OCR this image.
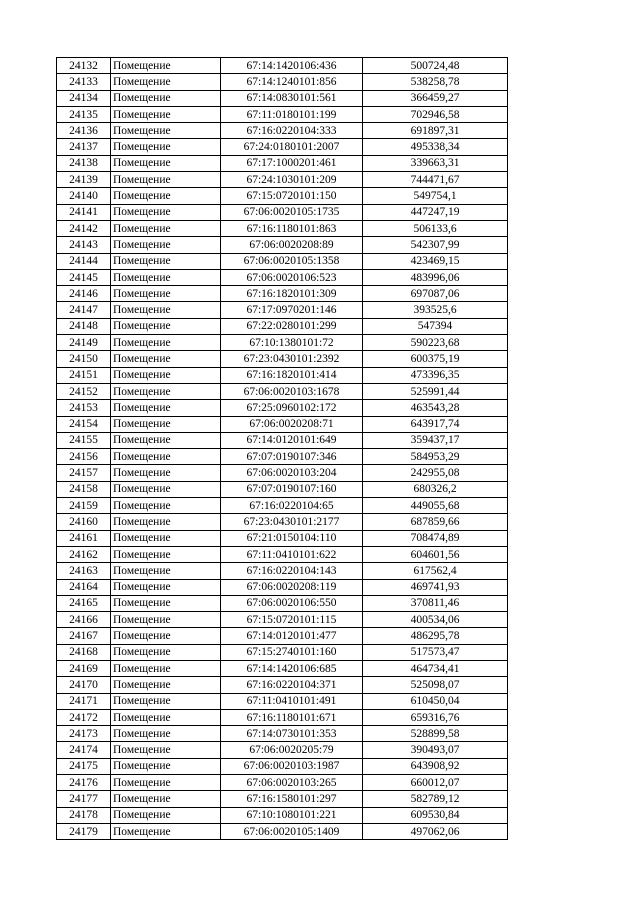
24132	Помещение	67:14:1420106:436	500724,48
24133	Помещение	67:14:1240101:856	538258,78
24134	Помещение	67:14:0830101:561	366459,27
24135	Помещение	67:11:0180101:199	702946,58
24136	Помещение	67:16:0220104:333	691897,31
24137	Помещение	67:24:0180101:2007	495338,34
24138	Помещение	67:17:1000201:461	339663,31
24139	Помещение	67:24:1030101:209	744471,67
24140	Помещение	67:15:0720101:150	549754,1
24141	Помещение	67:06:0020105:1735	447247,19
24142	Помещение	67:16:1180101:863	506133,6
24143	Помещение	67:06:0020208:89	542307,99
24144	Помещение	67:06:0020105:1358	423469,15
24145	Помещение	67:06:0020106:523	483996,06
24146	Помещение	67:16:1820101:309	697087,06
24147	Помещение	67:17:0970201:146	393525,6
24148	Помещение	67:22:0280101:299	547394
24149	Помещение	67:10:1380101:72	590223,68
24150	Помещение	67:23:0430101:2392	600375,19
24151	Помещение	67:16:1820101:414	473396,35
24152	Помещение	67:06:0020103:1678	525991,44
24153	Помещение	67:25:0960102:172	463543,28
24154	Помещение	67:06:0020208:71	643917,74
24155	Помещение	67:14:0120101:649	359437,17
24156	Помещение	67:07:0190107:346	584953,29
24157	Помещение	67:06:0020103:204	242955,08
24158	Помещение	67:07:0190107:160	680326,2
24159	Помещение	67:16:0220104:65	449055,68
24160	Помещение	67:23:0430101:2177	687859,66
24161	Помещение	67:21:0150104:110	708474,89
24162	Помещение	67:11:0410101:622	604601,56
24163	Помещение	67:16:0220104:143	617562,4
24164	Помещение	67:06:0020208:119	469741,93
24165	Помещение	67:06:0020106:550	370811,46
24166	Помещение	67:15:0720101:115	400534,06
24167	Помещение	67:14:0120101:477	486295,78
24168	Помещение	67:15:2740101:160	517573,47
24169	Помещение	67:14:1420106:685	464734,41
24170	Помещение	67:16:0220104:371	525098,07
24171	Помещение	67:11:0410101:491	610450,04
24172	Помещение	67:16:1180101:671	659316,76
24173	Помещение	67:14:0730101:353	528899,58
24174	Помещение	67:06:0020205:79	390493,07
24175	Помещение	67:06:0020103:1987	643908,92
24176	Помещение	67:06:0020103:265	660012,07
24177	Помещение	67:16:1580101:297	582789,12
24178	Помещение	67:10:1080101:221	609530,84
24179	Помещение	67:06:0020105:1409	497062,06
